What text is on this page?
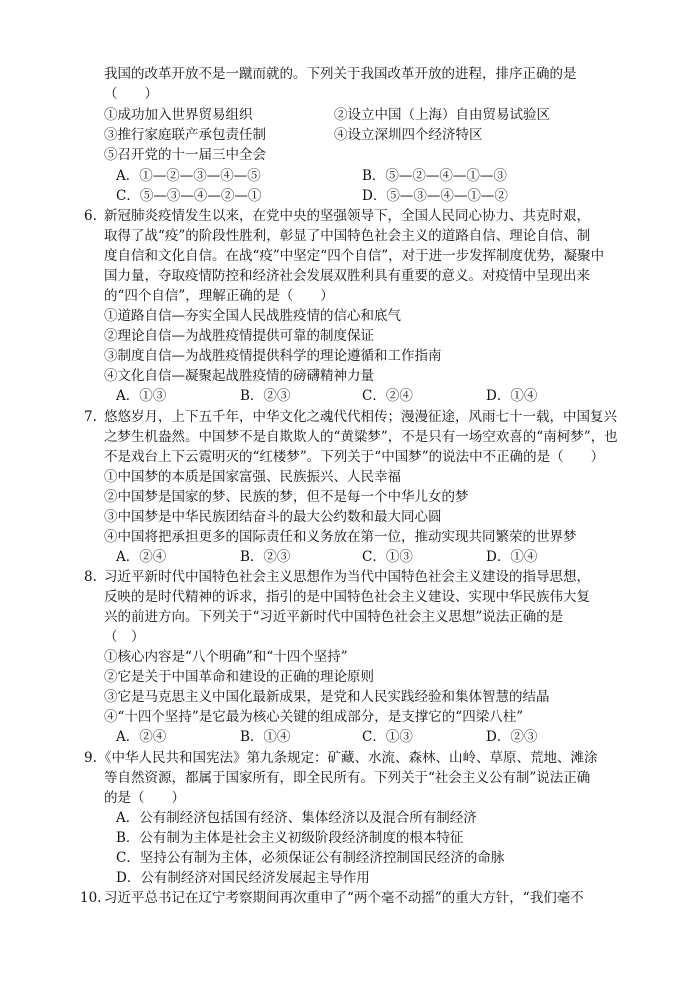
我国的改革开放不是一蹴而就的。下列关于我国改革开放的进程，排序正确的是
（　　）
①成功加入世界贸易组织	②设立中国（上海）自由贸易试验区
③推行家庭联产承包责任制	④设立深圳四个经济特区
⑤召开党的十一届三中全会
A．①—②—③—④—⑤	B．⑤—②—④—①—③
C．⑤—③—④—②—①	D．⑤—③—④—①—②
6. 新冠肺炎疫情发生以来，在党中央的坚强领导下，全国人民同心协力、共克时艰，
取得了战“疫”的阶段性胜利，彰显了中国特色社会主义的道路自信、理论自信、制
度自信和文化自信。在战“疫”中坚定“四个自信”，对于进一步发挥制度优势，凝聚中
国力量，夺取疫情防控和经济社会发展双胜利具有重要的意义。对疫情中呈现出来
的“四个自信”，理解正确的是（　　）
①道路自信—夯实全国人民战胜疫情的信心和底气
②理论自信—为战胜疫情提供可靠的制度保证
③制度自信—为战胜疫情提供科学的理论遵循和工作指南
④文化自信—凝聚起战胜疫情的磅礴精神力量
A．①③	B．②③	C．②④	D．①④
7. 悠悠岁月，上下五千年，中华文化之魂代代相传；漫漫征途，风雨七十一载，中国复兴
之梦生机盎然。中国梦不是自欺欺人的“黄粱梦”，不是只有一场空欢喜的“南柯梦”，也
不是戏台上下云霓明灭的“红楼梦”。下列关于“中国梦”的说法中不正确的是（　　）
①中国梦的本质是国家富强、民族振兴、人民幸福
②中国梦是国家的梦、民族的梦，但不是每一个中华儿女的梦
③中国梦是中华民族团结奋斗的最大公约数和最大同心圆
④中国将把承担更多的国际责任和义务放在第一位，推动实现共同繁荣的世界梦
A．②④	B．②③	C．①③	D．①④
8. 习近平新时代中国特色社会主义思想作为当代中国特色社会主义建设的指导思想，
反映的是时代精神的诉求，指引的是中国特色社会主义建设、实现中华民族伟大复
兴的前进方向。下列关于“习近平新时代中国特色社会主义思想”说法正确的是
（　）
①核心内容是“八个明确”和“十四个坚持”
②它是关于中国革命和建设的正确的理论原则
③它是马克思主义中国化最新成果，是党和人民实践经验和集体智慧的结晶
④“十四个坚持”是它最为核心关键的组成部分，是支撑它的“四梁八柱”
A．②④	B．①④	C．①③	D．②③
9. 《中华人民共和国宪法》第九条规定：矿藏、水流、森林、山岭、草原、荒地、滩涂
等自然资源，都属于国家所有，即全民所有。下列关于“社会主义公有制”说法正确
的是（　　）
A．公有制经济包括国有经济、集体经济以及混合所有制经济
B．公有制为主体是社会主义初级阶段经济制度的根本特征
C．坚持公有制为主体，必须保证公有制经济控制国民经济的命脉
D．公有制经济对国民经济发展起主导作用
10. 习近平总书记在辽宁考察期间再次重申了“两个毫不动摇”的重大方针，“我们毫不
